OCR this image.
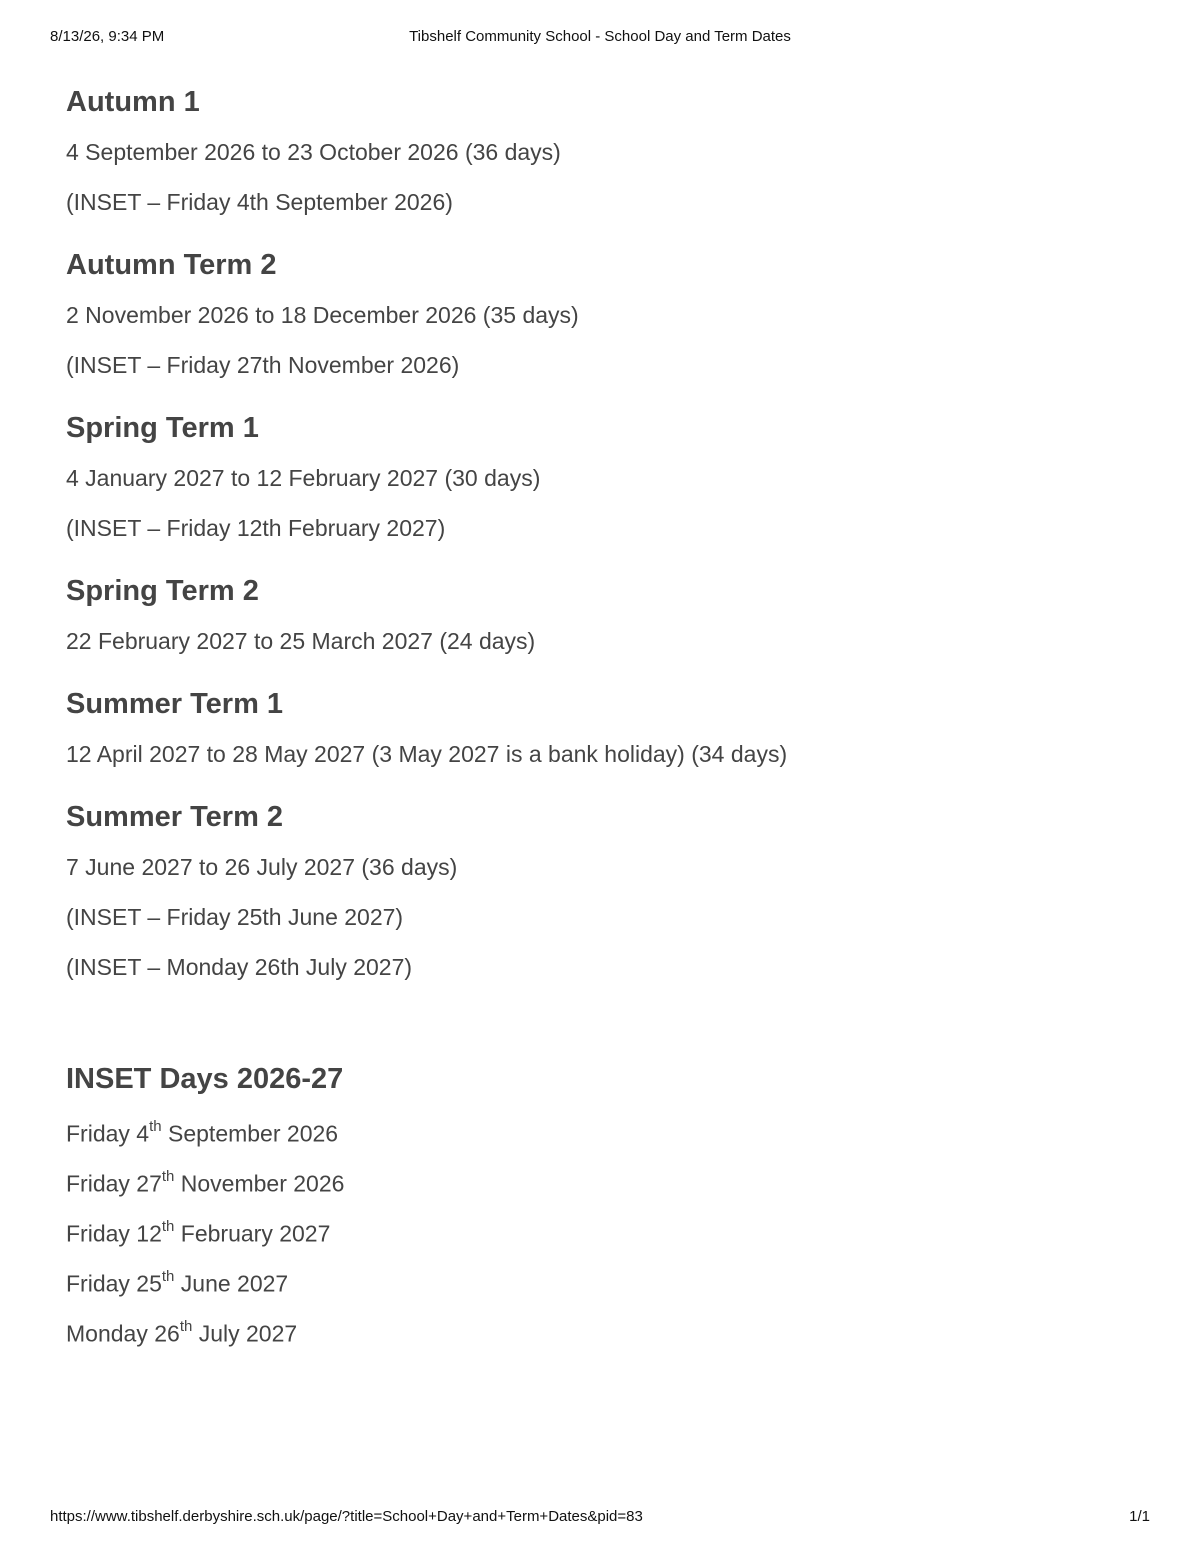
8/13/26, 9:34 PM	Tibshelf Community School - School Day and Term Dates
Autumn 1

4 September 2026 to 23 October 2026 (36 days)

(INSET – Friday 4th September 2026)

Autumn Term 2

2 November 2026 to 18 December 2026 (35 days)

(INSET – Friday 27th November 2026)

Spring Term 1

4 January 2027 to 12 February 2027 (30 days)

(INSET – Friday 12th February 2027)

Spring Term 2

22 February 2027 to 25 March 2027 (24 days)

Summer Term 1

12 April 2027 to 28 May 2027 (3 May 2027 is a bank holiday) (34 days)

Summer Term 2

7 June 2027 to 26 July 2027 (36 days)

(INSET – Friday 25th June 2027)

(INSET – Monday 26th July 2027)

INSET Days 2026-27
Friday 4th September 2026
Friday 27th November 2026
Friday 12th February 2027
Friday 25th June 2027
Monday 26th July 2027
https://www.tibshelf.derbyshire.sch.uk/page/?title=School+Day+and+Term+Dates&pid=83	1/1
